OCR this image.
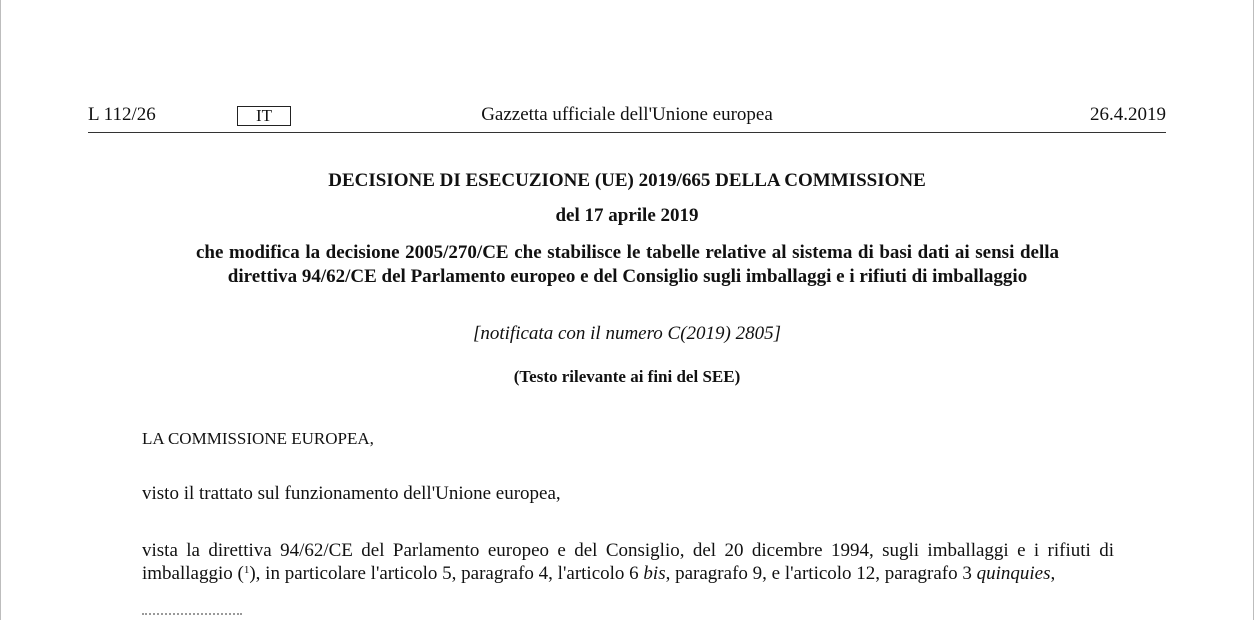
Gazzetta ufficiale dell'Unione europea
L 112/26	IT	26.4.2019
DECISIONE DI ESECUZIONE (UE) 2019/665 DELLA COMMISSIONE
del 17 aprile 2019
che modifica la decisione 2005/270/CE che stabilisce le tabelle relative al sistema di basi dati ai sensi della direttiva 94/62/CE del Parlamento europeo e del Consiglio sugli imballaggi e i rifiuti di imballaggio
[notificata con il numero C(2019) 2805]
(Testo rilevante ai fini del SEE)
LA COMMISSIONE EUROPEA,
visto il trattato sul funzionamento dell'Unione europea,
vista la direttiva 94/62/CE del Parlamento europeo e del Consiglio, del 20 dicembre 1994, sugli imballaggi e i rifiuti di imballaggio ($^1$), in particolare l'articolo 5, paragrafo 4, l'articolo 6 bis, paragrafo 9, e l'articolo 12, paragrafo 3 quinquies,
